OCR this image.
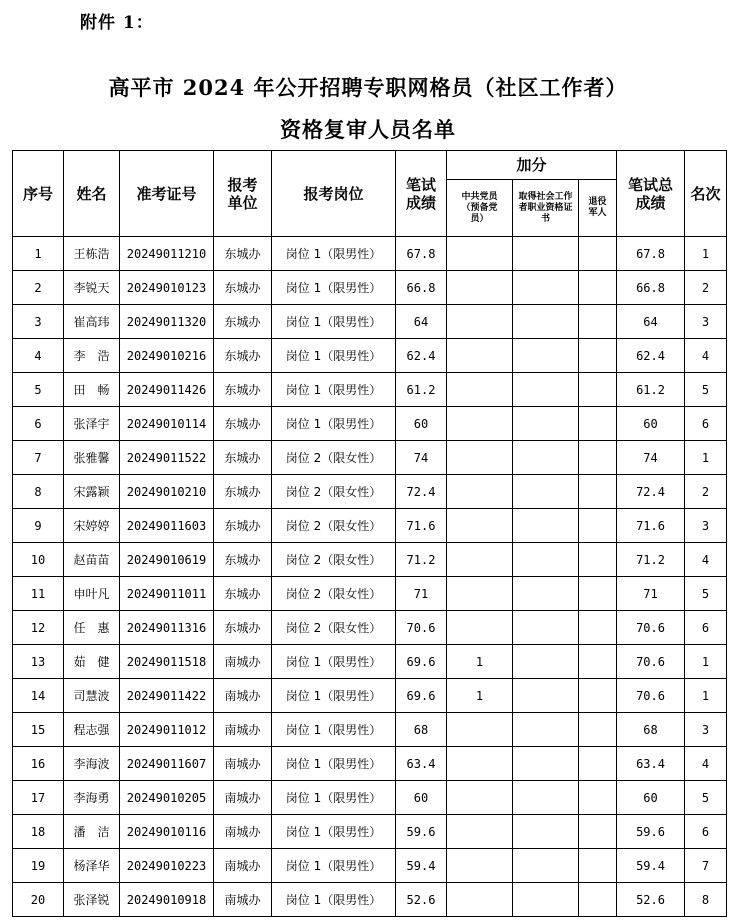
附件 1：
高平市 2024 年公开招聘专职网格员（社区工作者）
资格复审人员名单
序号	姓名	准考证号	报考单位	报考岗位	笔试成绩	加分			笔试总成绩	名次
						中共党员（预备党员）	取得社会工作者职业资格证书	退役军人		
1	王栋浩	20249011210	东城办	岗位 1（限男性）	67.8				67.8	1
2	李锐天	20249010123	东城办	岗位 1（限男性）	66.8				66.8	2
3	崔高玮	20249011320	东城办	岗位 1（限男性）	64				64	3
4	李　浩	20249010216	东城办	岗位 1（限男性）	62.4				62.4	4
5	田　畅	20249011426	东城办	岗位 1（限男性）	61.2				61.2	5
6	张泽宇	20249010114	东城办	岗位 1（限男性）	60				60	6
7	张雅馨	20249011522	东城办	岗位 2（限女性）	74				74	1
8	宋露颖	20249010210	东城办	岗位 2（限女性）	72.4				72.4	2
9	宋婷婷	20249011603	东城办	岗位 2（限女性）	71.6				71.6	3
10	赵苗苗	20249010619	东城办	岗位 2（限女性）	71.2				71.2	4
11	申叶凡	20249011011	东城办	岗位 2（限女性）	71				71	5
12	任　惠	20249011316	东城办	岗位 2（限女性）	70.6				70.6	6
13	茹　健	20249011518	南城办	岗位 1（限男性）	69.6	1			70.6	1
14	司慧波	20249011422	南城办	岗位 1（限男性）	69.6	1			70.6	1
15	程志强	20249011012	南城办	岗位 1（限男性）	68				68	3
16	李海波	20249011607	南城办	岗位 1（限男性）	63.4				63.4	4
17	李海勇	20249010205	南城办	岗位 1（限男性）	60				60	5
18	潘　洁	20249010116	南城办	岗位 1（限男性）	59.6				59.6	6
19	杨泽华	20249010223	南城办	岗位 1（限男性）	59.4				59.4	7
20	张泽锐	20249010918	南城办	岗位 1（限男性）	52.6				52.6	8
